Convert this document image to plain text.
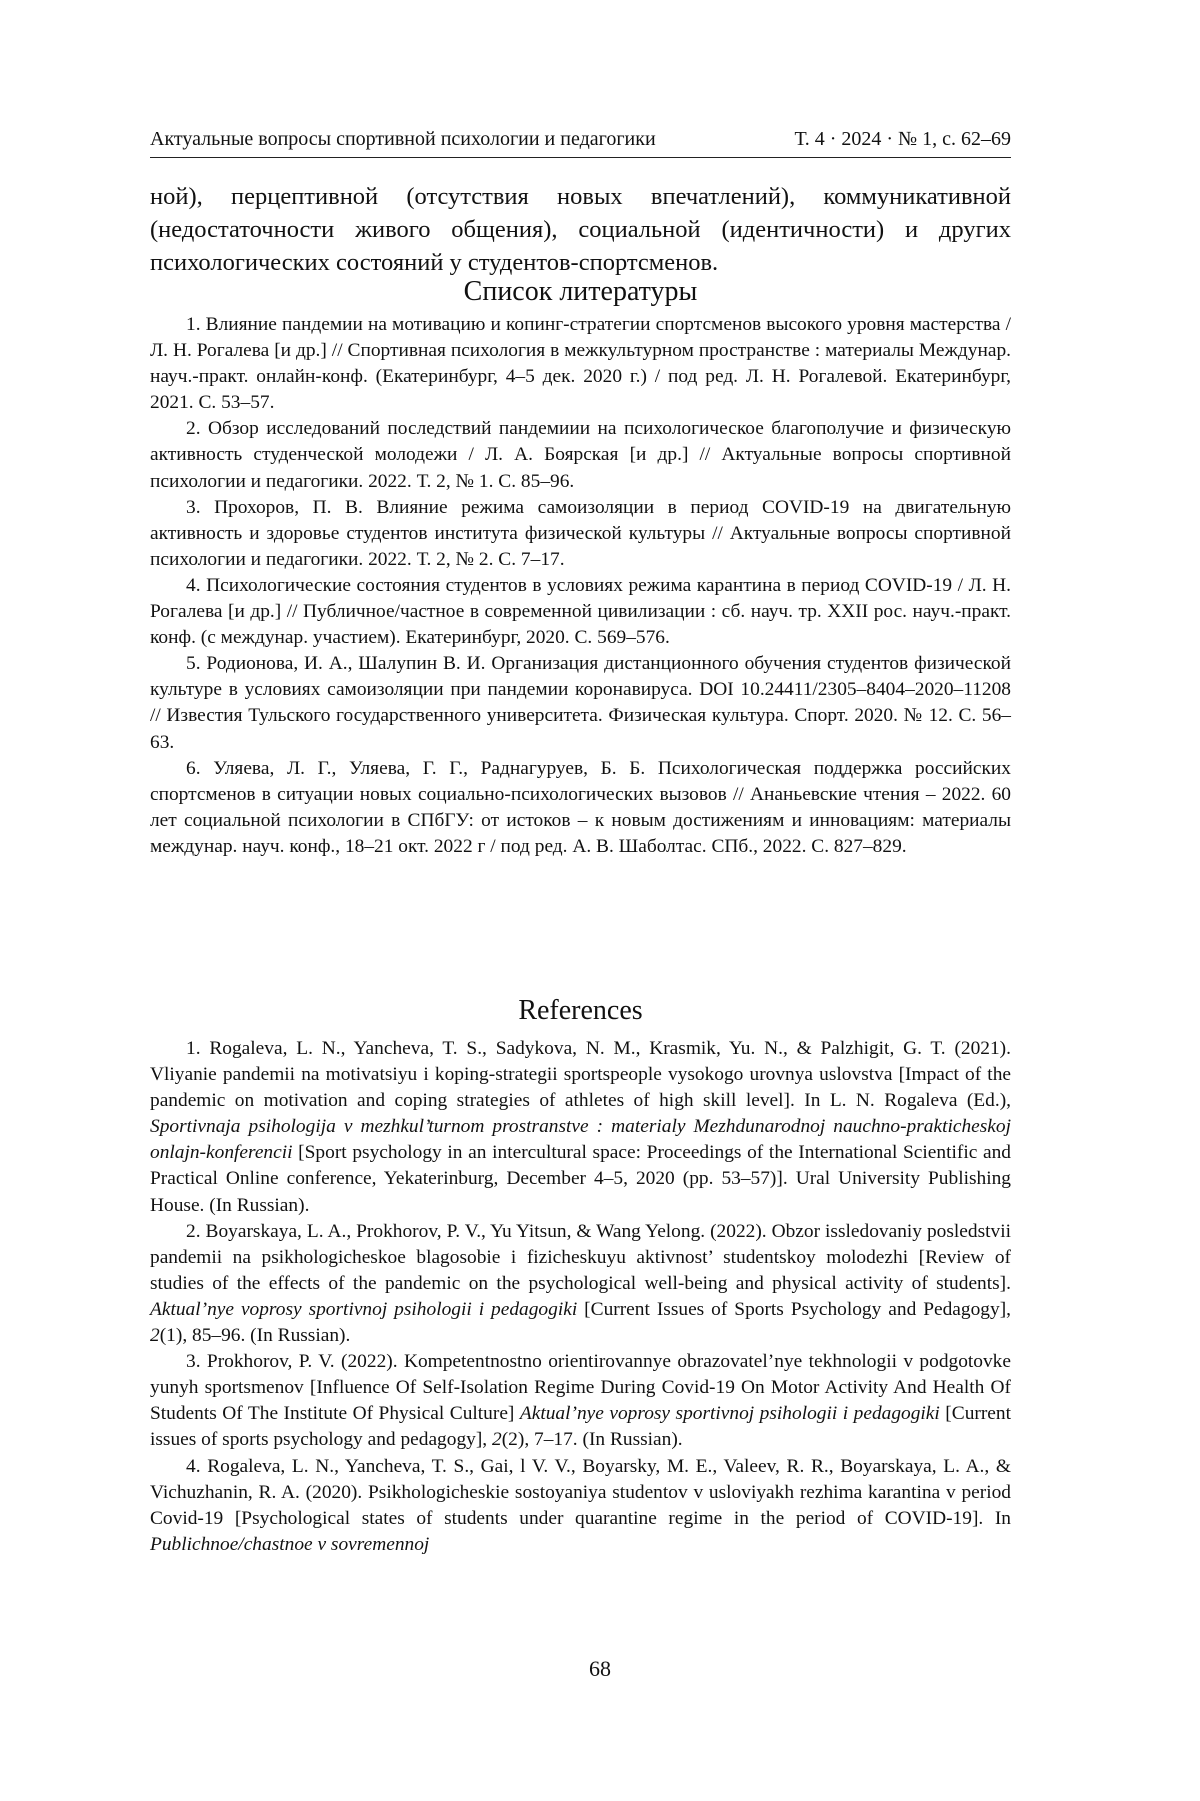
Актуальные вопросы спортивной психологии и педагогики	Т. 4 · 2024 · № 1, с. 62–69
ной), перцептивной (отсутствия новых впечатлений), коммуникативной (недостаточности живого общения), социальной (идентичности) и других психологических состояний у студентов-спортсменов.
Список литературы

1. Влияние пандемии на мотивацию и копинг-стратегии спортсменов высокого уровня мастерства / Л. Н. Рогалева [и др.] // Спортивная психология в межкультурном пространстве : материалы Междунар. науч.-практ. онлайн-конф. (Екатеринбург, 4–5 дек. 2020 г.) / под ред. Л. Н. Рогалевой. Екатеринбург, 2021. С. 53–57.

2. Обзор исследований последствий пандемиии на психологическое благополучие и физическую активность студенческой молодежи / Л. А. Боярская [и др.] // Актуальные вопросы спортивной психологии и педагогики. 2022. Т. 2, № 1. С. 85–96.

3. Прохоров, П. В. Влияние режима самоизоляции в период COVID-19 на двигательную активность и здоровье студентов института физической культуры // Актуальные вопросы спортивной психологии и педагогики. 2022. Т. 2, № 2. С. 7–17.

4. Психологические состояния студентов в условиях режима карантина в период COVID-19 / Л. Н. Рогалева [и др.] // Публичное/частное в современной цивилизации : сб. науч. тр. XXII рос. науч.-практ. конф. (с междунар. участием). Екатеринбург, 2020. С. 569–576.

5. Родионова, И. А., Шалупин В. И. Организация дистанционного обучения студентов физической культуре в условиях самоизоляции при пандемии коронавируса. DOI 10.24411/2305–8404–2020–11208 // Известия Тульского государственного университета. Физическая культура. Спорт. 2020. № 12. С. 56–63.

6. Уляева, Л. Г., Уляева, Г. Г., Раднагуруев, Б. Б. Психологическая поддержка российских спортсменов в ситуации новых социально-психологических вызовов // Ананьевские чтения – 2022. 60 лет социальной психологии в СПбГУ: от истоков – к новым достижениям и инновациям: материалы междунар. науч. конф., 18–21 окт. 2022 г / под ред. А. В. Шаболтас. СПб., 2022. С. 827–829.

References

1. Rogaleva, L. N., Yancheva, T. S., Sadykova, N. M., Krasmik, Yu. N., & Palzhigit, G. T. (2021). Vliyanie pandemii na motivatsiyu i koping-strategii sportspeople vysokogo urovnya uslovstva [Impact of the pandemic on motivation and coping strategies of athletes of high skill level]. In L. N. Rogaleva (Ed.), Sportivnaja psihologija v mezhkul’turnom prostranstve : materialy Mezhdunarodnoj nauchno-prakticheskoj onlajn-konferencii [Sport psychology in an intercultural space: Proceedings of the International Scientific and Practical Online conference, Yekaterinburg, December 4–5, 2020 (pp. 53–57)]. Ural University Publishing House. (In Russian).

2. Boyarskaya, L. A., Prokhorov, P. V., Yu Yitsun, & Wang Yelong. (2022). Obzor issledovaniy posledstvii pandemii na psikhologicheskoe blagosobie i fizicheskuyu aktivnost’ studentskoy molodezhi [Review of studies of the effects of the pandemic on the psychological well-being and physical activity of students]. Aktual’nye voprosy sportivnoj psihologii i pedagogiki [Current Issues of Sports Psychology and Pedagogy], 2(1), 85–96. (In Russian).

3. Prokhorov, P. V. (2022). Kompetentnostno orientirovannye obrazovatel’nye tekhnologii v podgotovke yunyh sportsmenov [Influence Of Self-Isolation Regime During Covid-19 On Motor Activity And Health Of Students Of The Institute Of Physical Culture] Aktual’nye voprosy sportivnoj psihologii i pedagogiki [Current issues of sports psychology and pedagogy], 2(2), 7–17. (In Russian).

4. Rogaleva, L. N., Yancheva, T. S., Gai, l V. V., Boyarsky, M. E., Valeev, R. R., Boyarskaya, L. A., & Vichuzhanin, R. A. (2020). Psikhologicheskie sostoyaniya studentov v usloviyakh rezhima karantina v period Covid-19 [Psychological states of students under quarantine regime in the period of COVID-19]. In Publichnoe/chastnoe v sovremennoj

68
